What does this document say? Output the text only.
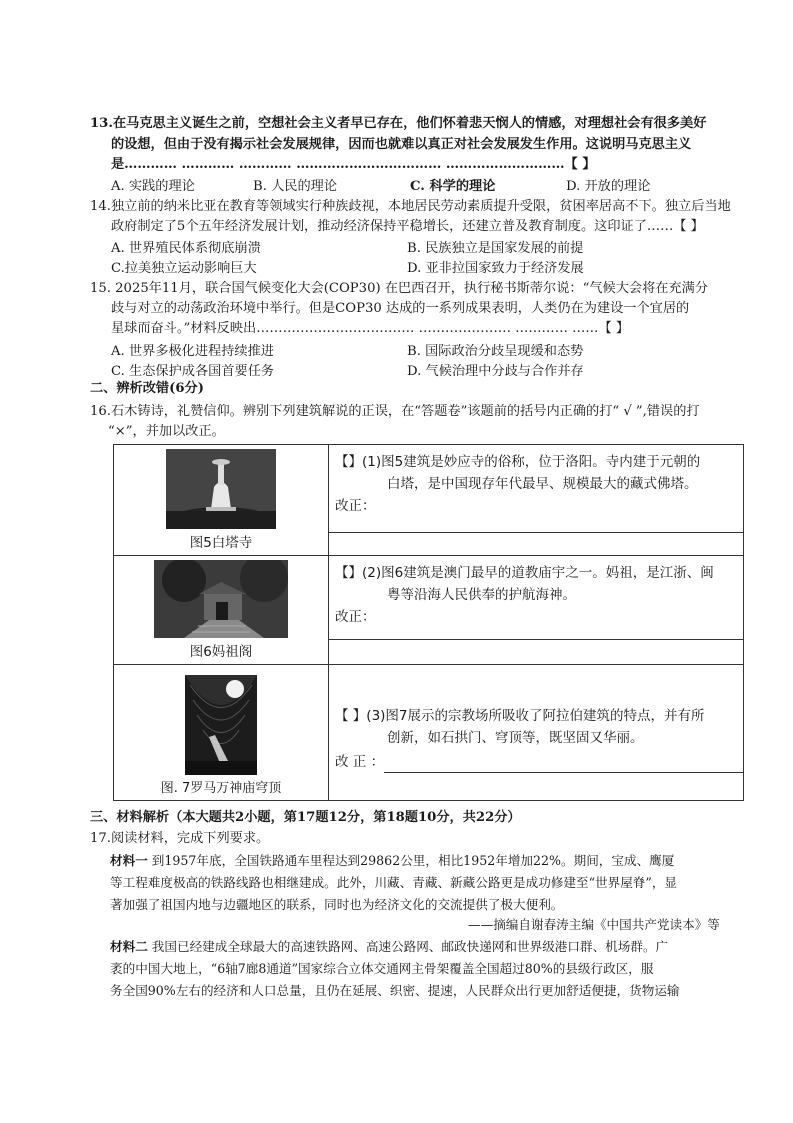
13.在马克思主义诞生之前，空想社会主义者早已存在，他们怀着悲天悯人的情感，对理想社会有很多美好
的设想，但由于没有揭示社会发展规律，因而也就难以真正对社会发展发生作用。这说明马克思主义
是………… ………… ………… …………………………… ………………………【 】
A. 实践的理论	B. 人民的理论	C. 科学的理论	D. 开放的理论
14.独立前的纳米比亚在教育等领域实行种族歧视，本地居民劳动素质提升受限，贫困率居高不下。独立后当地
政府制定了5个五年经济发展计划，推动经济保持平稳增长，还建立普及教育制度。这印证了……【 】
A. 世界殖民体系彻底崩溃	B. 民族独立是国家发展的前提
C.拉美独立运动影响巨大	D. 亚非拉国家致力于经济发展
15. 2025年11月，联合国气候变化大会(COP30) 在巴西召开，执行秘书斯蒂尔说：“气候大会将在充满分
歧与对立的动荡政治环境中举行。但是COP30 达成的一系列成果表明，人类仍在为建设一个宜居的
星球而奋斗。”材料反映出……………………………… ………………… ………… ……【 】
A. 世界多极化进程持续推进	B. 国际政治分歧呈现缓和态势
C. 生态保护成各国首要任务	D. 气候治理中分歧与合作并存
二、辨析改错(6分)
16.石木铸诗，礼赞信仰。辨别下列建筑解说的正误，在“答题卷”该题前的括号内正确的打“ √ ”,错误的打
“×”，并加以改正。
图5白塔寺	【】(1)图5建筑是妙应寺的俗称，位于洛阳。寺内建于元朝的
白塔，是中国现存年代最早、规模最大的藏式佛塔。
改正：

图6妈祖阁	【】(2)图6建筑是澳门最早的道教庙宇之一。妈祖，是江浙、闽
粤等沿海人民供奉的护航海神。
改正：

图. 7罗马万神庙穹顶	【 】(3)图7展示的宗教场所吸收了阿拉伯建筑的特点，并有所
创新，如石拱门、穹顶等，既坚固又华丽。
改 正 ：
三、材料解析（本大题共2小题，第17题12分，第18题10分，共22分）
17.阅读材料，完成下列要求。
材料一 到1957年底，全国铁路通车里程达到29862公里，相比1952年增加22%。期间，宝成、鹰厦
等工程难度极高的铁路线路也相继建成。此外，川藏、青藏、新藏公路更是成功修建至“世界屋脊”，显
著加强了祖国内地与边疆地区的联系，同时也为经济文化的交流提供了极大便利。
——摘编自谢春涛主编《中国共产党读本》等
材料二 我国已经建成全球最大的高速铁路网、高速公路网、邮政快递网和世界级港口群、机场群。广
袤的中国大地上，“6轴7廊8通道”国家综合立体交通网主骨架覆盖全国超过80%的县级行政区，服
务全国90%左右的经济和人口总量，且仍在延展、织密、提速，人民群众出行更加舒适便捷，货物运输
